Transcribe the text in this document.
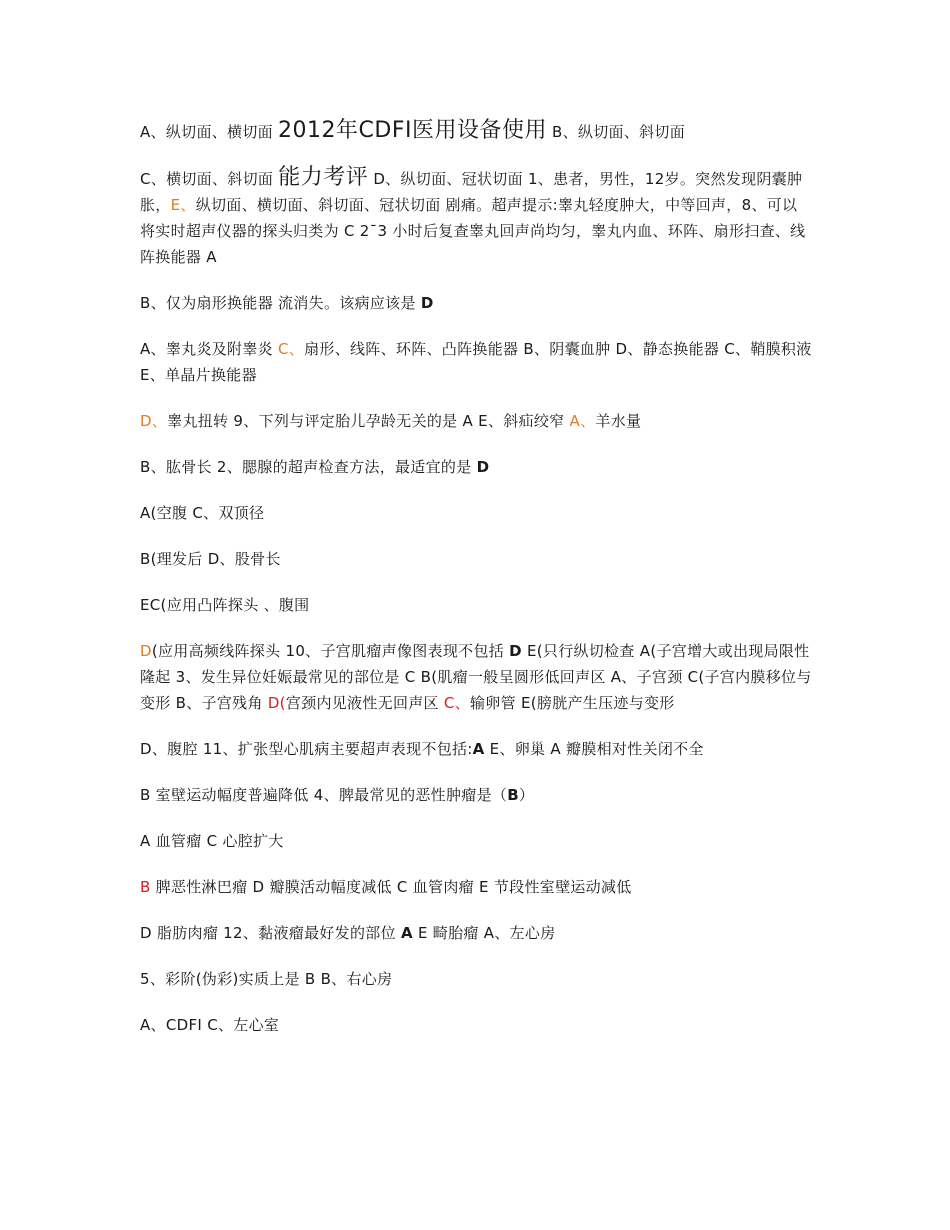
A、纵切面、横切面 2012年CDFI医用设备使用 B、纵切面、斜切面

C、横切面、斜切面 能力考评 D、纵切面、冠状切面 1、患者，男性，12岁。突然发现阴囊肿胀，E、纵切面、横切面、斜切面、冠状切面 剧痛。超声提示:睾丸轻度肿大，中等回声，8、可以将实时超声仪器的探头归类为 C 2¯3 小时后复查睾丸回声尚均匀，睾丸内血、环阵、扇形扫查、线阵换能器 A

B、仅为扇形换能器 流消失。该病应该是 D

A、睾丸炎及附睾炎 C、扇形、线阵、环阵、凸阵换能器 B、阴囊血肿 D、静态换能器 C、鞘膜积液 E、单晶片换能器

D、睾丸扭转 9、下列与评定胎儿孕龄无关的是 A E、斜疝绞窄 A、羊水量

B、肱骨长 2、腮腺的超声检查方法，最适宜的是 D

A(空腹 C、双顶径

B(理发后 D、股骨长

EC(应用凸阵探头 、腹围

D(应用高频线阵探头 10、子宫肌瘤声像图表现不包括 D E(只行纵切检查 A(子宫增大或出现局限性隆起 3、发生异位妊娠最常见的部位是 C B(肌瘤一般呈圆形低回声区 A、子宫颈 C(子宫内膜移位与变形 B、子宫残角 D(宫颈内见液性无回声区 C、输卵管 E(膀胱产生压迹与变形

D、腹腔 11、扩张型心肌病主要超声表现不包括:A E、卵巢 A 瓣膜相对性关闭不全

B 室壁运动幅度普遍降低 4、脾最常见的恶性肿瘤是（B）

A 血管瘤 C 心腔扩大

B 脾恶性淋巴瘤 D 瓣膜活动幅度减低 C 血管肉瘤 E 节段性室壁运动减低

D 脂肪肉瘤 12、黏液瘤最好发的部位 A E 畸胎瘤 A、左心房

5、彩阶(伪彩)实质上是 B B、右心房

A、CDFI C、左心室
